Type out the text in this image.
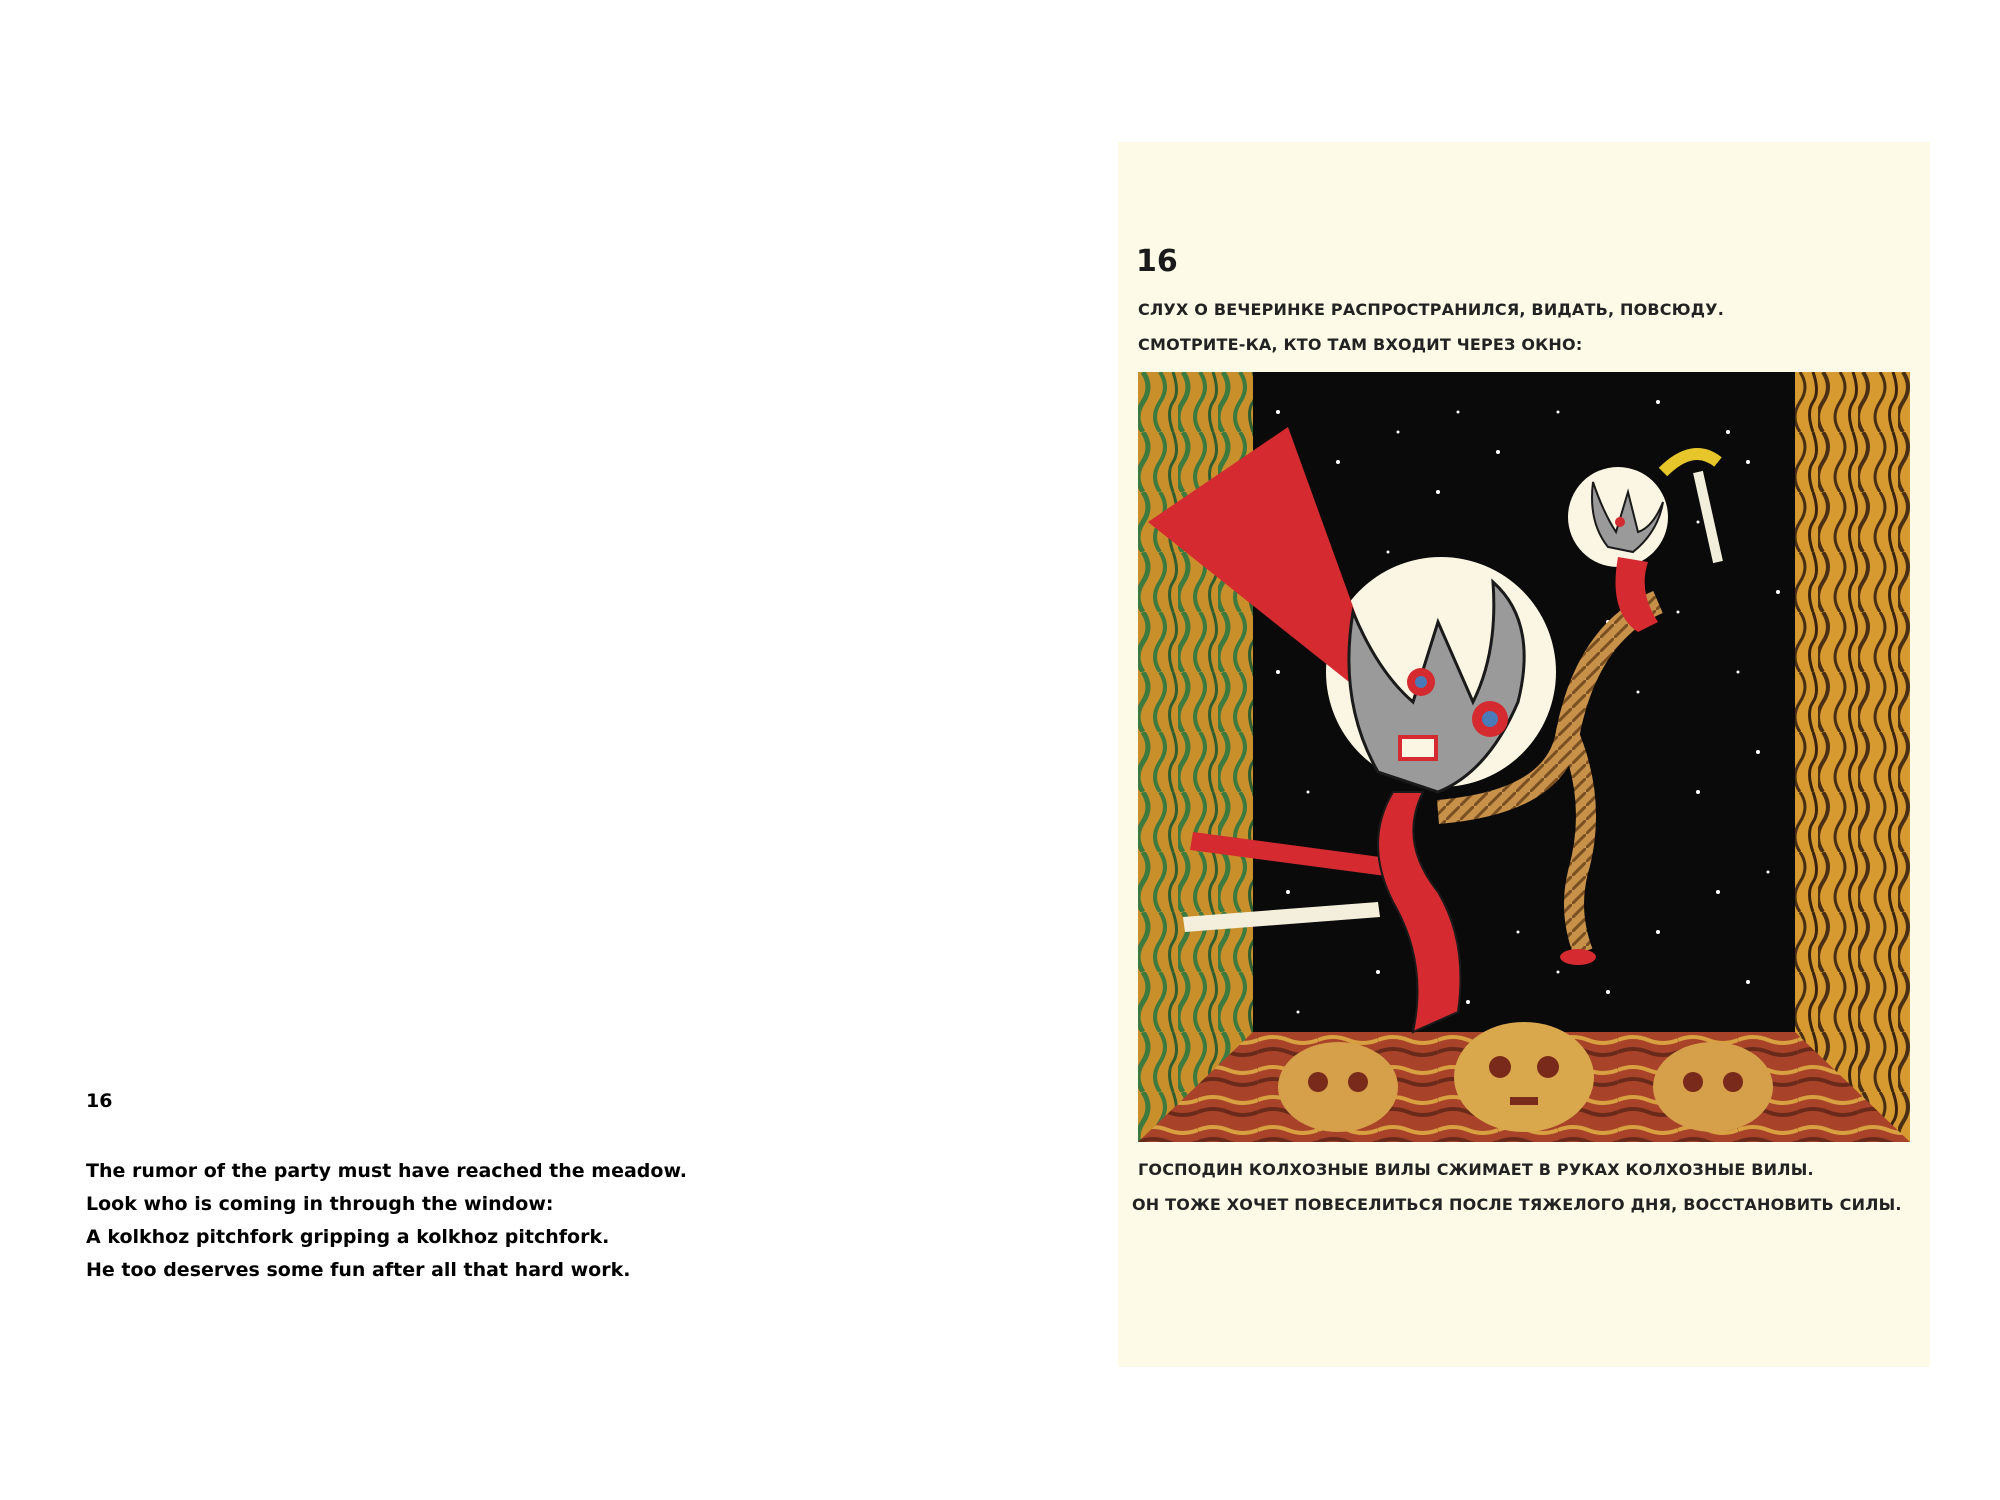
16
The rumor of the party must have reached the meadow.
Look who is coming in through the window:
A kolkhoz pitchfork gripping a kolkhoz pitchfork.
He too deserves some fun after all that hard work.
16
СЛУХ О ВЕЧЕРИНКЕ РАСПРОСТРАНИЛСЯ, ВИДАТЬ, ПОВСЮДУ.
СМОТРИТЕ-КА, КТО ТАМ ВХОДИТ ЧЕРЕЗ ОКНО:
ГОСПОДИН КОЛХОЗНЫЕ ВИЛЫ СЖИМАЕТ В РУКАХ КОЛХОЗНЫЕ ВИЛЫ.
ОН ТОЖЕ ХОЧЕТ ПОВЕСЕЛИТЬСЯ ПОСЛЕ ТЯЖЕЛОГО ДНЯ, ВОССТАНОВИТЬ СИЛЫ.
